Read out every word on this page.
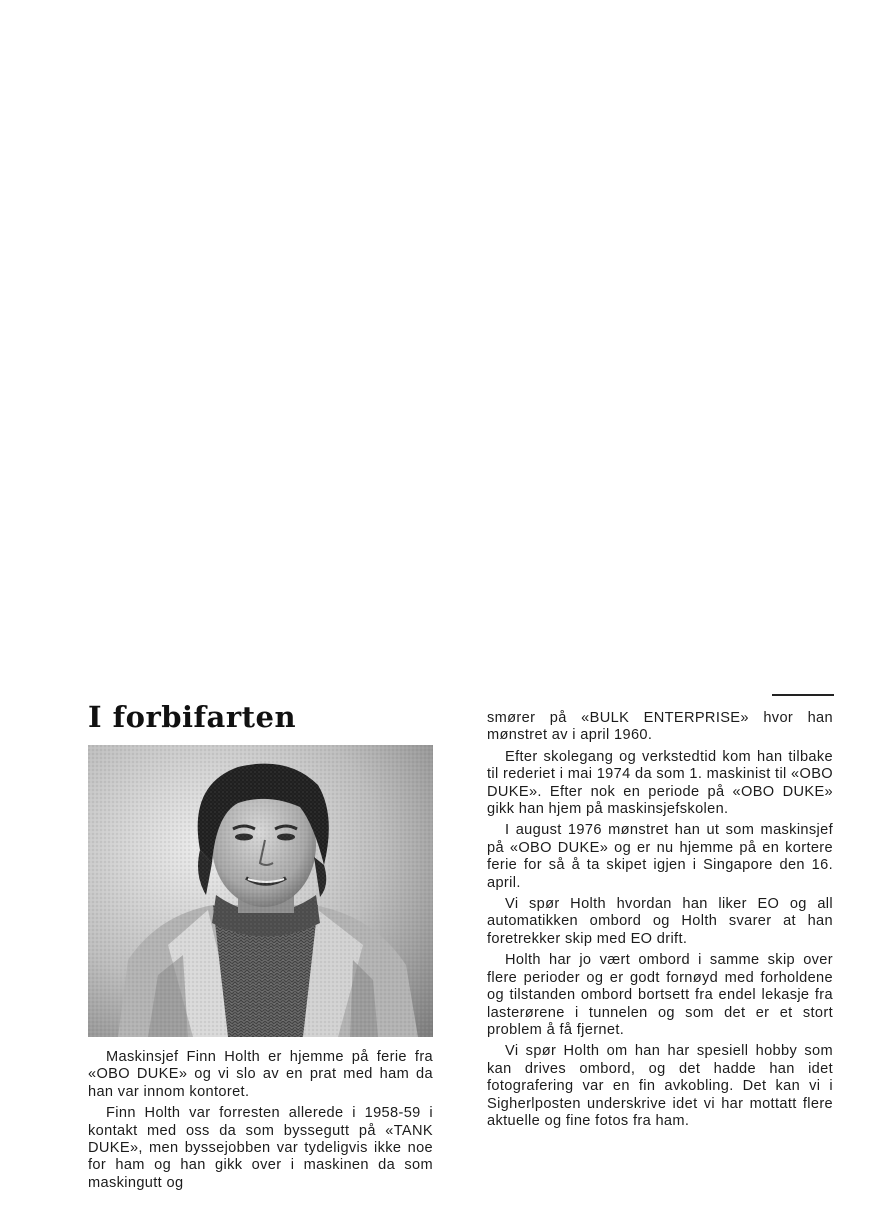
I forbifarten

Maskinsjef Finn Holth er hjemme på ferie fra «OBO DUKE» og vi slo av en prat med ham da han var innom kontoret.

Finn Holth var forresten allerede i 1958-59 i kontakt med oss da som byssegutt på «TANK DUKE», men byssejobben var tydeligvis ikke noe for ham og han gikk over i maskinen da som maskingutt og

smører på «BULK ENTERPRISE» hvor han mønstret av i april 1960.

Efter skolegang og verkstedtid kom han tilbake til rederiet i mai 1974 da som 1. maskinist til «OBO DUKE». Efter nok en periode på «OBO DUKE» gikk han hjem på maskinsjefskolen.

I august 1976 mønstret han ut som maskinsjef på «OBO DUKE» og er nu hjemme på en kortere ferie for så å ta skipet igjen i Singapore den 16. april.

Vi spør Holth hvordan han liker EO og all automatikken ombord og Holth svarer at han foretrekker skip med EO drift.

Holth har jo vært ombord i samme skip over flere perioder og er godt fornøyd med forholdene og tilstanden ombord bortsett fra endel lekasje fra lasterørene i tunnelen og som det er et stort problem å få fjernet.

Vi spør Holth om han har spesiell hobby som kan drives ombord, og det hadde han idet fotografering var en fin avkobling. Det kan vi i Sigherlposten underskrive idet vi har mottatt flere aktuelle og fine fotos fra ham.
